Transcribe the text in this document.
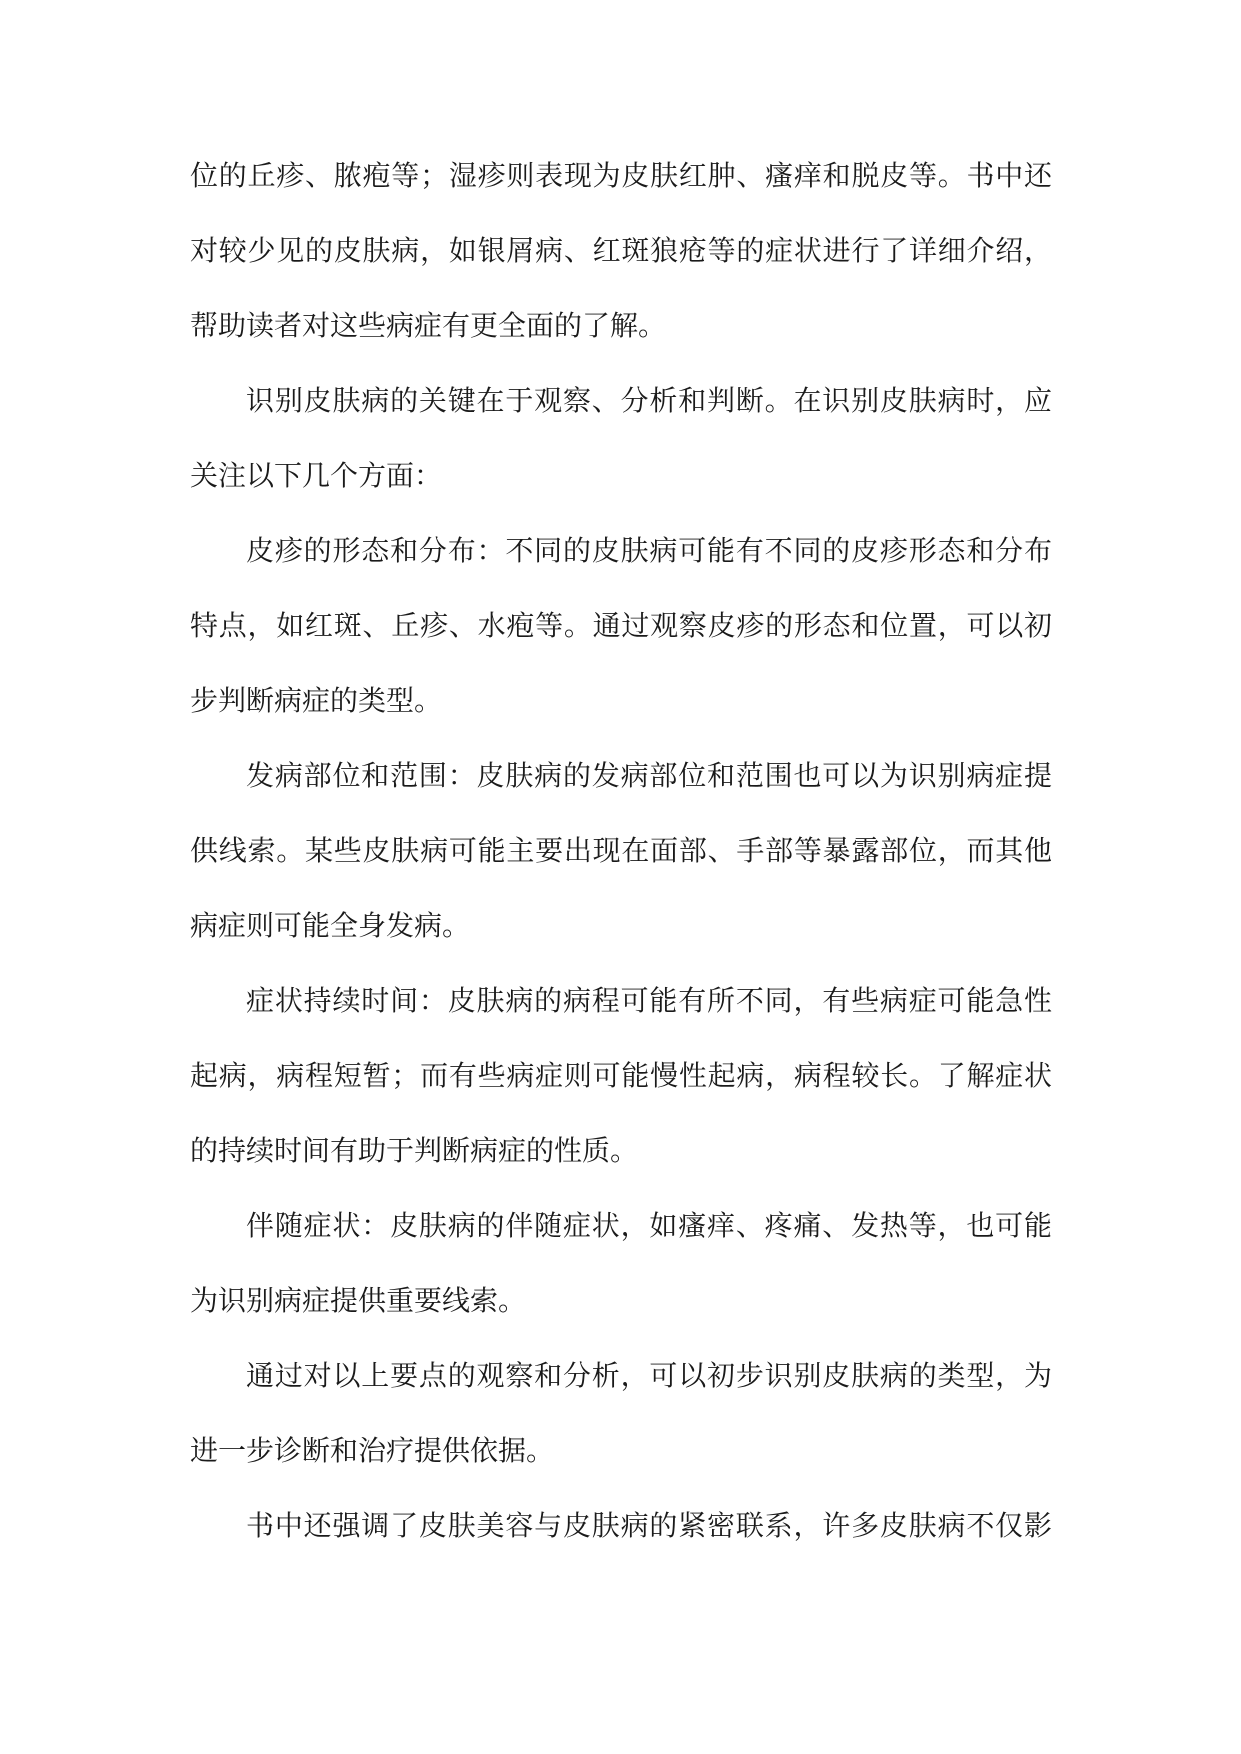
位的丘疹、脓疱等；湿疹则表现为皮肤红肿、瘙痒和脱皮等。书中还
对较少见的皮肤病，如银屑病、红斑狼疮等的症状进行了详细介绍，
帮助读者对这些病症有更全面的了解。
识别皮肤病的关键在于观察、分析和判断。在识别皮肤病时，应
关注以下几个方面：
皮疹的形态和分布：不同的皮肤病可能有不同的皮疹形态和分布
特点，如红斑、丘疹、水疱等。通过观察皮疹的形态和位置，可以初
步判断病症的类型。
发病部位和范围：皮肤病的发病部位和范围也可以为识别病症提
供线索。某些皮肤病可能主要出现在面部、手部等暴露部位，而其他
病症则可能全身发病。
症状持续时间：皮肤病的病程可能有所不同，有些病症可能急性
起病，病程短暂；而有些病症则可能慢性起病，病程较长。了解症状
的持续时间有助于判断病症的性质。
伴随症状：皮肤病的伴随症状，如瘙痒、疼痛、发热等，也可能
为识别病症提供重要线索。
通过对以上要点的观察和分析，可以初步识别皮肤病的类型，为
进一步诊断和治疗提供依据。
书中还强调了皮肤美容与皮肤病的紧密联系，许多皮肤病不仅影
